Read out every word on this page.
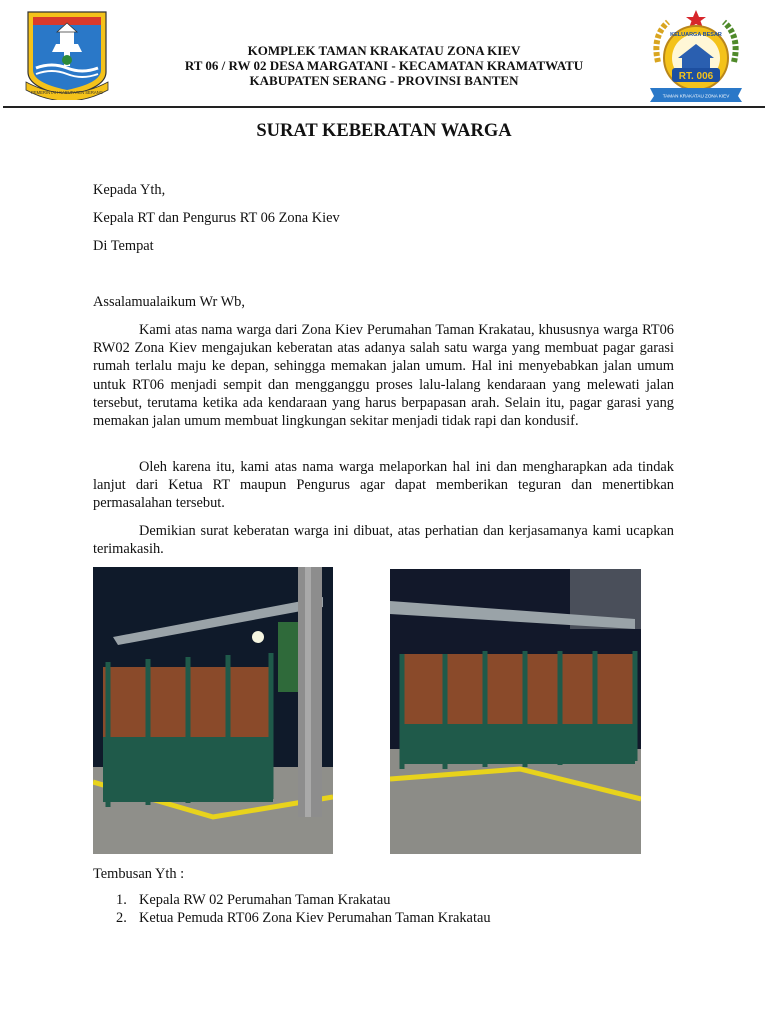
PEMERINTAH KABUPATEN SERANG
RT. 006
KELUARGA BESAR
TAMAN KRAKATAU ZONA KIEV
KOMPLEK TAMAN KRAKATAU ZONA KIEV
RT 06 / RW 02 DESA MARGATANI - KECAMATAN KRAMATWATU
KABUPATEN SERANG - PROVINSI BANTEN
SURAT KEBERATAN WARGA
Kepada Yth,
Kepala RT dan Pengurus RT 06 Zona Kiev
Di Tempat
Assalamualaikum Wr Wb,
Kami atas nama warga dari Zona Kiev Perumahan Taman Krakatau, khususnya warga RT06 RW02 Zona Kiev mengajukan keberatan atas adanya salah satu warga yang membuat pagar garasi rumah terlalu maju ke depan, sehingga memakan jalan umum. Hal ini menyebabkan jalan umum untuk RT06 menjadi sempit dan mengganggu proses lalu-lalang kendaraan yang melewati jalan tersebut, terutama ketika ada kendaraan yang harus berpapasan arah. Selain itu, pagar garasi yang memakan jalan umum membuat lingkungan sekitar menjadi tidak rapi dan kondusif.
Oleh karena itu, kami atas nama warga melaporkan hal ini dan mengharapkan ada tindak lanjut dari Ketua RT maupun Pengurus agar dapat memberikan teguran dan menertibkan permasalahan tersebut.
Demikian surat keberatan warga ini dibuat, atas perhatian dan kerjasamanya kami ucapkan terimakasih.
Tembusan Yth :
1. Kepala RW 02 Perumahan Taman Krakatau
2. Ketua Pemuda RT06 Zona Kiev Perumahan Taman Krakatau
